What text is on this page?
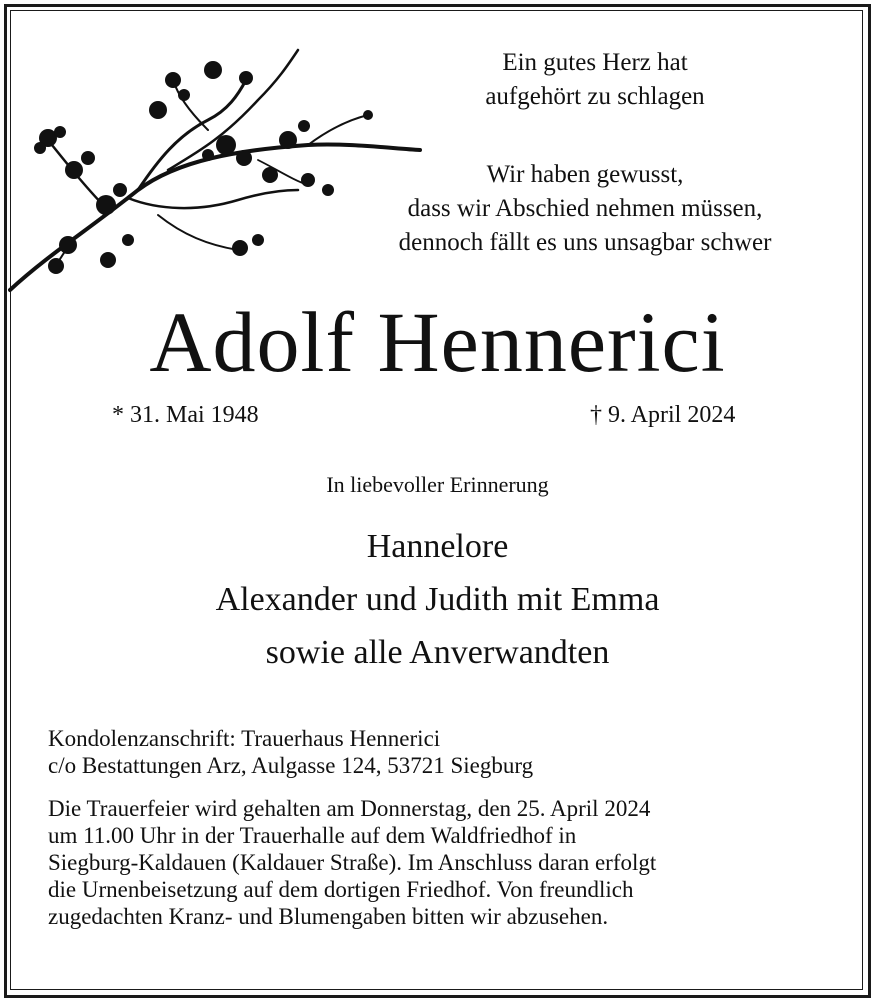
Ein gutes Herz hat
aufgehört zu schlagen
Wir haben gewusst,
dass wir Abschied nehmen müssen,
dennoch fällt es uns unsagbar schwer
Adolf Hennerici
* 31. Mai 1948	† 9. April 2024
In liebevoller Erinnerung
Hannelore
Alexander und Judith mit Emma
sowie alle Anverwandten
Kondolenzanschrift: Trauerhaus Hennerici
c/o Bestattungen Arz, Aulgasse 124, 53721 Siegburg
Die Trauerfeier wird gehalten am Donnerstag, den 25. April 2024
um 11.00 Uhr in der Trauerhalle auf dem Waldfriedhof in
Siegburg-Kaldauen (Kaldauer Straße). Im Anschluss daran erfolgt
die Urnenbeisetzung auf dem dortigen Friedhof. Von freundlich
zugedachten Kranz- und Blumengaben bitten wir abzusehen.
